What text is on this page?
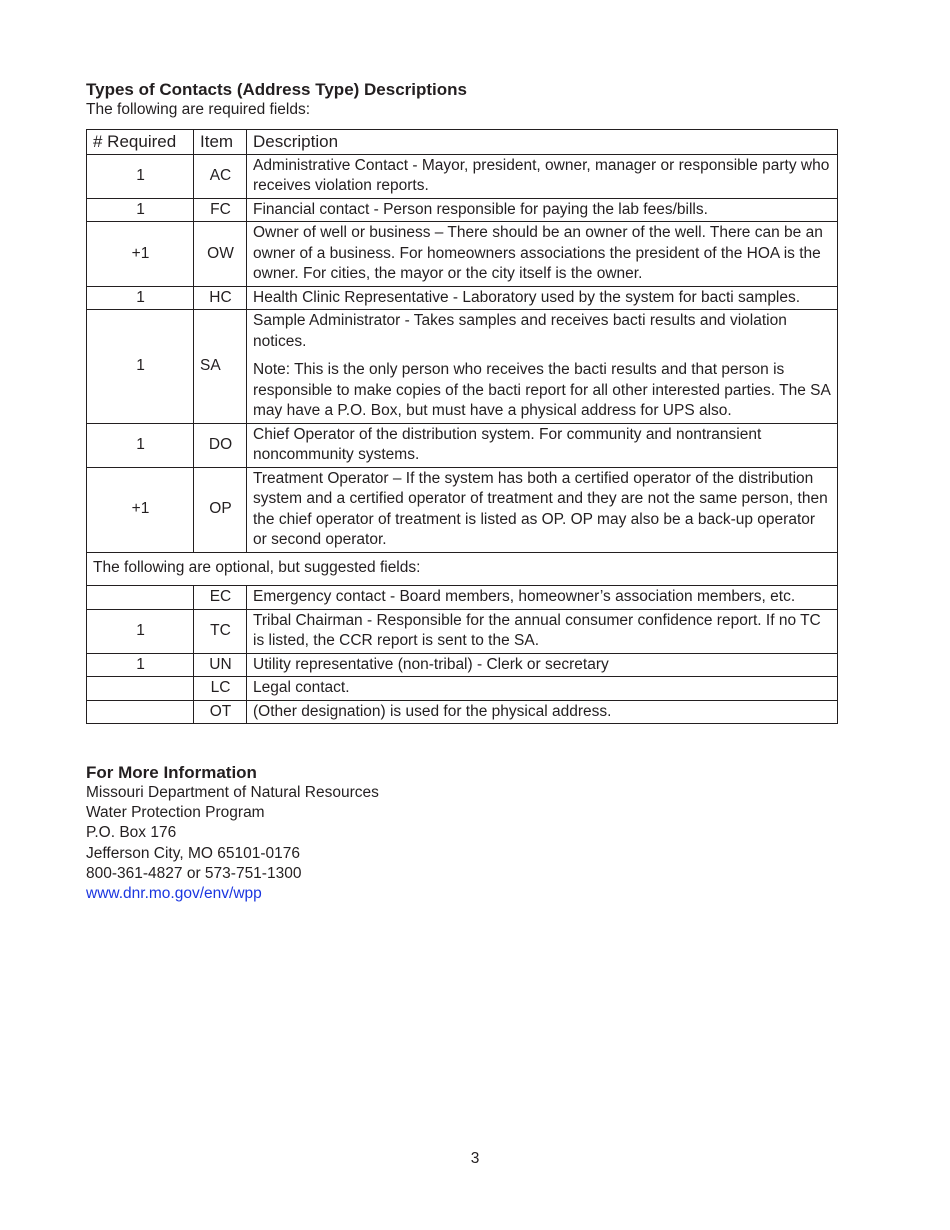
Types of Contacts (Address Type) Descriptions

The following are required fields:

# Required	Item	Description
1	AC	Administrative Contact - Mayor, president, owner, manager or responsible party who receives violation reports.

1	FC	Financial contact - Person responsible for paying the lab fees/bills.

+1	OW	Owner of well or business – There should be an owner of the well. There can be an owner of a business. For homeowners associations the president of the HOA is the owner. For cities, the mayor or the city itself is the owner.

1	HC	Health Clinic Representative - Laboratory used by the system for bacti samples.

1	SA	Sample Administrator - Takes samples and receives bacti results and violation notices.

Note: This is the only person who receives the bacti results and that person is responsible to make copies of the bacti report for all other interested parties. The SA may have a P.O. Box, but must have a physical address for UPS also.

1	DO	Chief Operator of the distribution system. For community and nontransient noncommunity systems.

+1	OP	Treatment Operator – If the system has both a certified operator of the distribution system and a certified operator of treatment and they are not the same person, then the chief operator of treatment is listed as OP. OP may also be a back-up operator or second operator.

The following are optional, but suggested fields:		
	EC	Emergency contact - Board members, homeowner’s association members, etc.

1	TC	Tribal Chairman - Responsible for the annual consumer confidence report. If no TC is listed, the CCR report is sent to the SA.

1	UN	Utility representative (non-tribal) - Clerk or secretary

	LC	Legal contact.

	OT	(Other designation) is used for the physical address.

For More Information
Missouri Department of Natural Resources
Water Protection Program
P.O. Box 176
Jefferson City, MO 65101-0176
800-361-4827 or 573-751-1300
www.dnr.mo.gov/env/wpp
3
